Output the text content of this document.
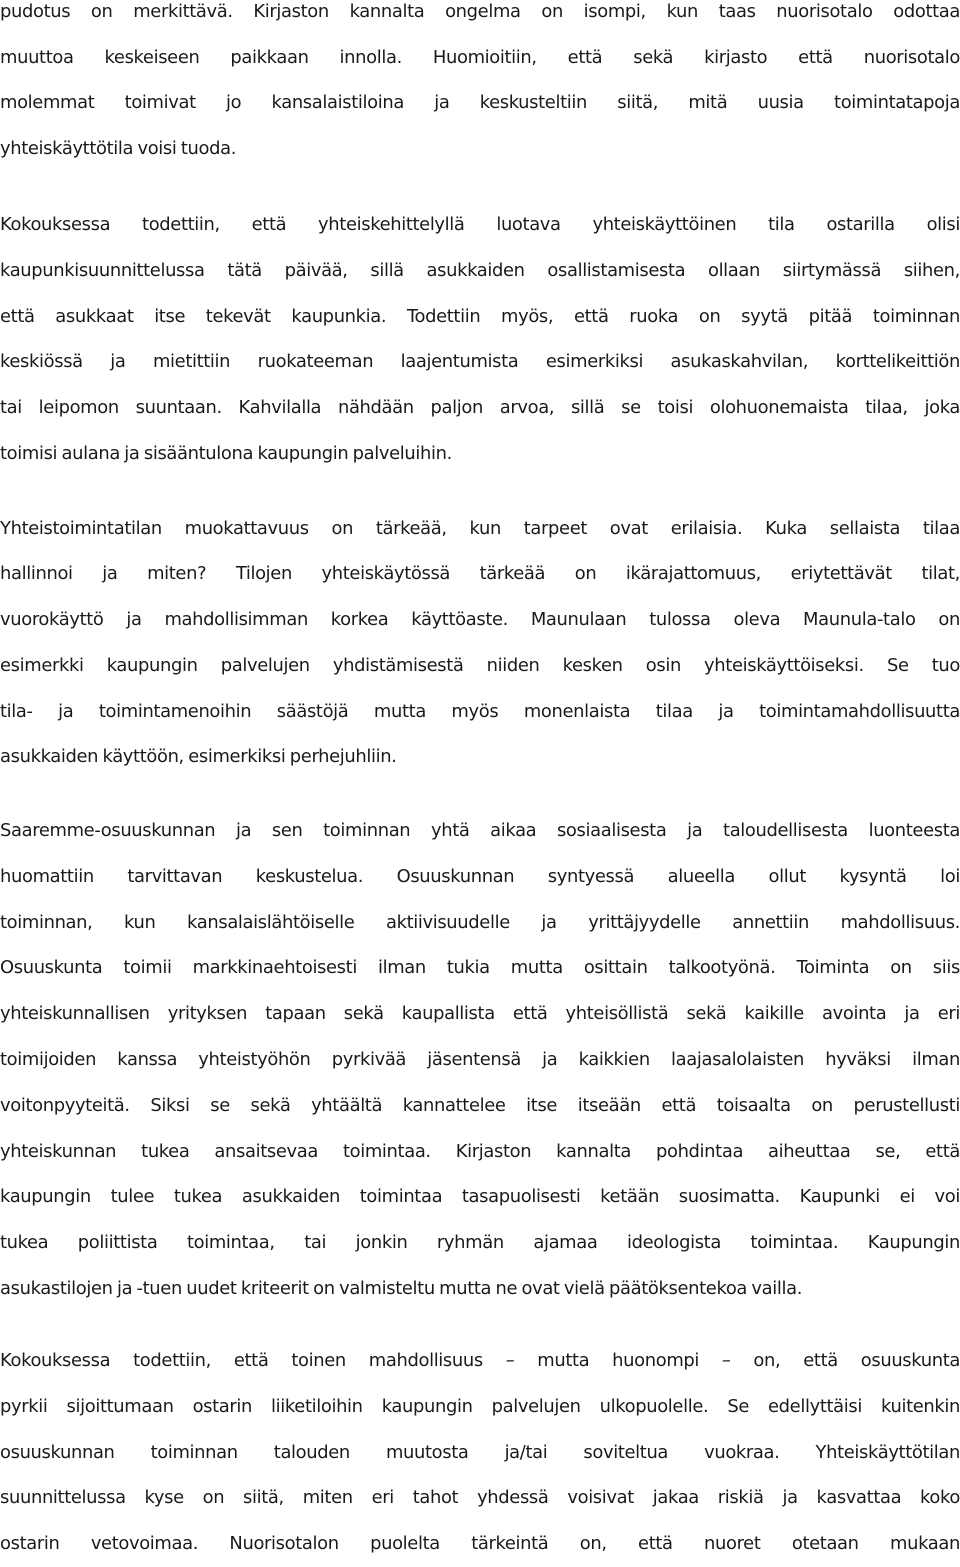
pudotus on merkittävä. Kirjaston kannalta ongelma on isompi, kun taas nuorisotalo odottaa
muuttoa keskeiseen paikkaan innolla. Huomioitiin, että sekä kirjasto että nuorisotalo
molemmat toimivat jo kansalaistiloina ja keskusteltiin siitä, mitä uusia toimintatapoja
yhteiskäyttötila voisi tuoda.
Kokouksessa todettiin, että yhteiskehittelyllä luotava yhteiskäyttöinen tila ostarilla olisi
kaupunkisuunnittelussa tätä päivää, sillä asukkaiden osallistamisesta ollaan siirtymässä siihen,
että asukkaat itse tekevät kaupunkia. Todettiin myös, että ruoka on syytä pitää toiminnan
keskiössä ja mietittiin ruokateeman laajentumista esimerkiksi asukaskahvilan, korttelikeittiön
tai leipomon suuntaan. Kahvilalla nähdään paljon arvoa, sillä se toisi olohuonemaista tilaa, joka
toimisi aulana ja sisääntulona kaupungin palveluihin.
Yhteistoimintatilan muokattavuus on tärkeää, kun tarpeet ovat erilaisia. Kuka sellaista tilaa
hallinnoi ja miten? Tilojen yhteiskäytössä tärkeää on ikärajattomuus, eriytettävät tilat,
vuorokäyttö ja mahdollisimman korkea käyttöaste. Maunulaan tulossa oleva Maunula-talo on
esimerkki kaupungin palvelujen yhdistämisestä niiden kesken osin yhteiskäyttöiseksi. Se tuo
tila- ja toimintamenoihin säästöjä mutta myös monenlaista tilaa ja toimintamahdollisuutta
asukkaiden käyttöön, esimerkiksi perhejuhliin.
Saaremme-osuuskunnan ja sen toiminnan yhtä aikaa sosiaalisesta ja taloudellisesta luonteesta
huomattiin tarvittavan keskustelua. Osuuskunnan syntyessä alueella ollut kysyntä loi
toiminnan, kun kansalaislähtöiselle aktiivisuudelle ja yrittäjyydelle annettiin mahdollisuus.
Osuuskunta toimii markkinaehtoisesti ilman tukia mutta osittain talkootyönä. Toiminta on siis
yhteiskunnallisen yrityksen tapaan sekä kaupallista että yhteisöllistä sekä kaikille avointa ja eri
toimijoiden kanssa yhteistyöhön pyrkivää jäsentensä ja kaikkien laajasalolaisten hyväksi ilman
voitonpyyteitä. Siksi se sekä yhtäältä kannattelee itse itseään että toisaalta on perustellusti
yhteiskunnan tukea ansaitsevaa toimintaa. Kirjaston kannalta pohdintaa aiheuttaa se, että
kaupungin tulee tukea asukkaiden toimintaa tasapuolisesti ketään suosimatta. Kaupunki ei voi
tukea poliittista toimintaa, tai jonkin ryhmän ajamaa ideologista toimintaa. Kaupungin
asukastilojen ja -tuen uudet kriteerit on valmisteltu mutta ne ovat vielä päätöksentekoa vailla.
Kokouksessa todettiin, että toinen mahdollisuus – mutta huonompi – on, että osuuskunta
pyrkii sijoittumaan ostarin liiketiloihin kaupungin palvelujen ulkopuolelle. Se edellyttäisi kuitenkin
osuuskunnan toiminnan talouden muutosta ja/tai soviteltua vuokraa. Yhteiskäyttötilan
suunnittelussa kyse on siitä, miten eri tahot yhdessä voisivat jakaa riskiä ja kasvattaa koko
ostarin vetovoimaa. Nuorisotalon puolelta tärkeintä on, että nuoret otetaan mukaan
